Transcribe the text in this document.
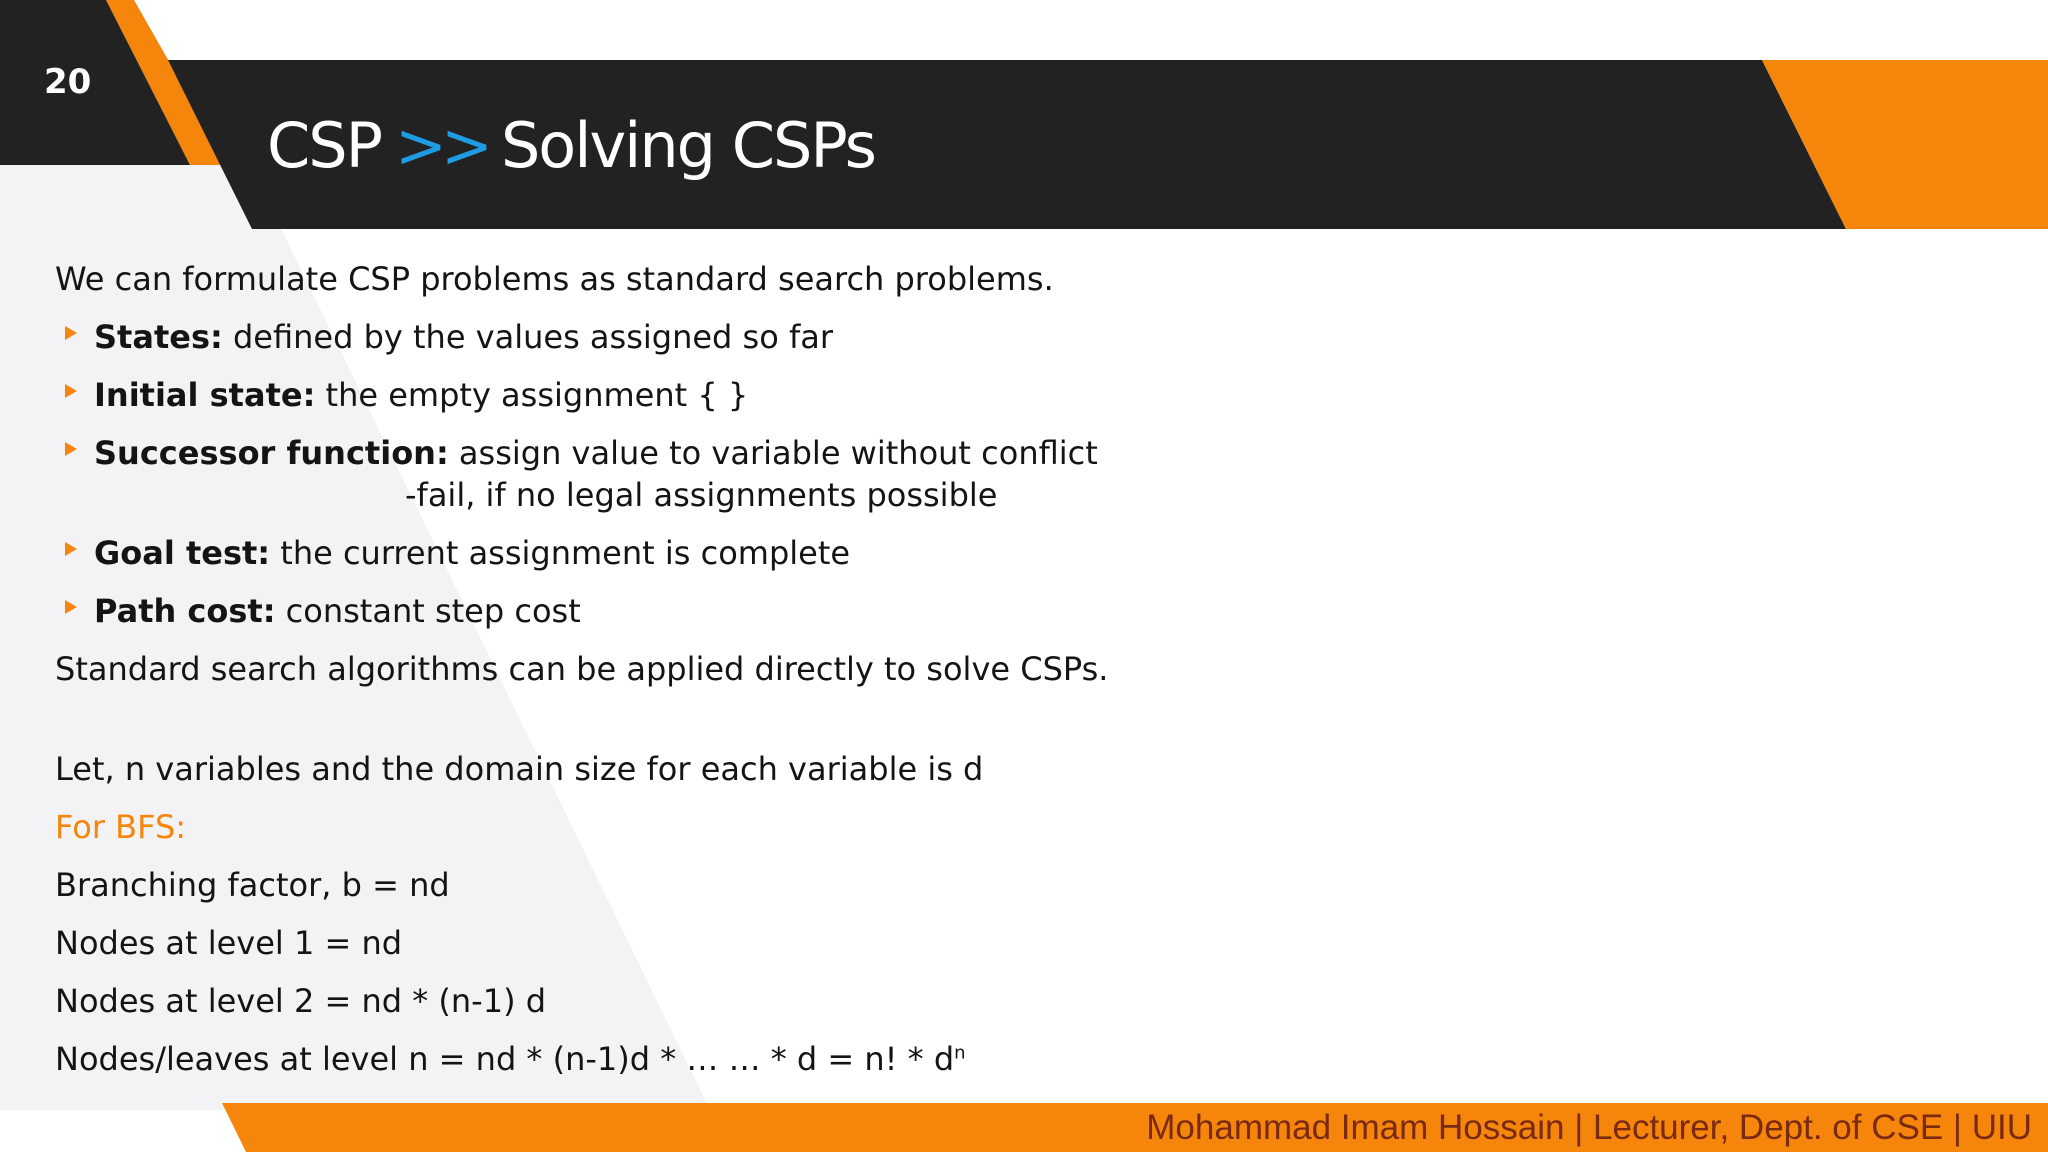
20
CSP >> Solving CSPs
We can formulate CSP problems as standard search problems.
States: defined by the values assigned so far
Initial state: the empty assignment { }
Successor function: assign value to variable without conflict
-fail, if no legal assignments possible
Goal test: the current assignment is complete
Path cost: constant step cost
Standard search algorithms can be applied directly to solve CSPs.
Let, n variables and the domain size for each variable is d
For BFS:
Branching factor, b = nd
Nodes at level 1 = nd
Nodes at level 2 = nd * (n-1) d
Nodes/leaves at level n = nd * (n-1)d * … … * d = n! * $d^n$
Mohammad Imam Hossain | Lecturer, Dept. of CSE | UIU
